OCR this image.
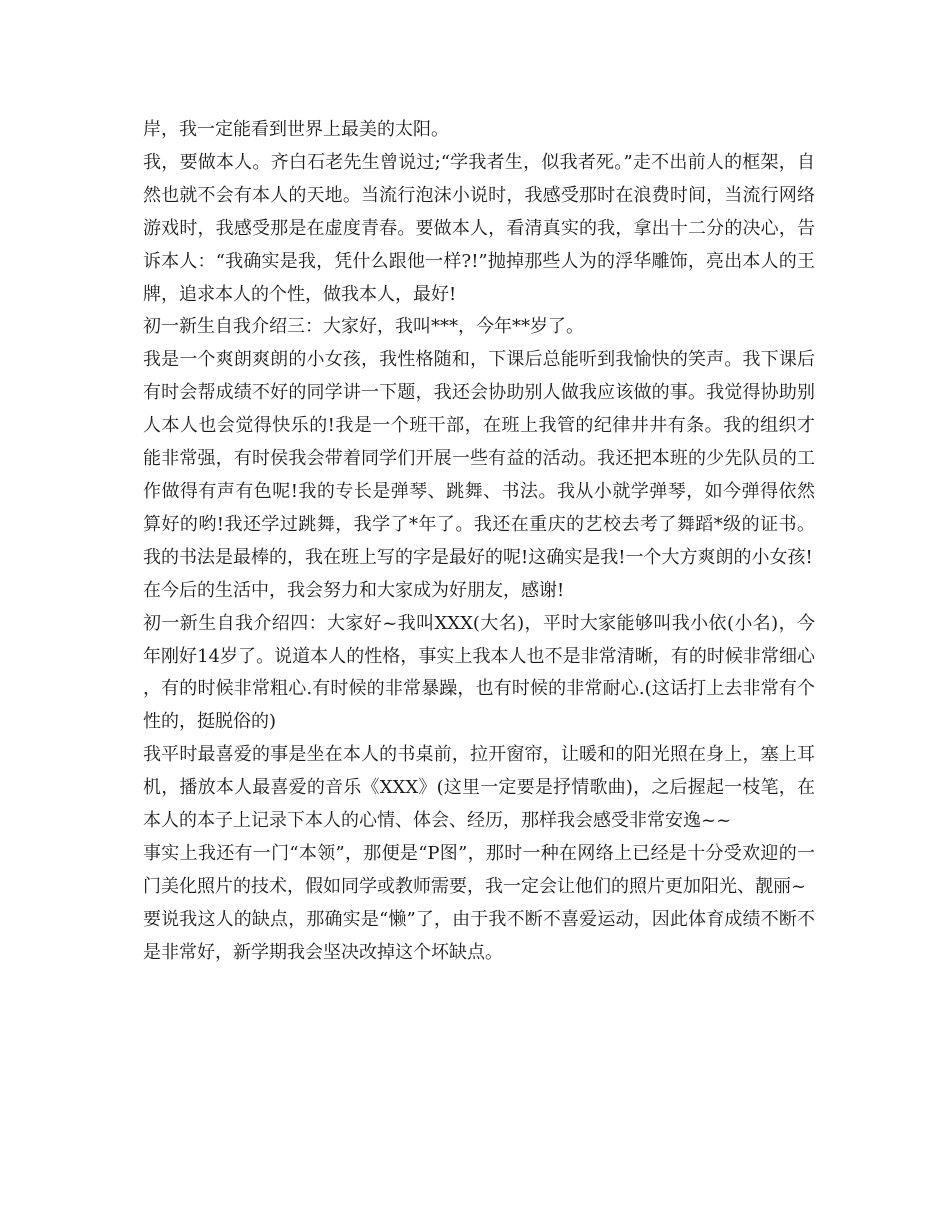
岸，我一定能看到世界上最美的太阳。

我，要做本人。齐白石老先生曾说过;“学我者生，似我者死。”走不出前人的框架，自然也就不会有本人的天地。当流行泡沫小说时，我感受那时在浪费时间，当流行网络游戏时，我感受那是在虚度青春。要做本人，看清真实的我，拿出十二分的决心，告诉本人：“我确实是我，凭什么跟他一样?!”抛掉那些人为的浮华雕饰，亮出本人的王牌，追求本人的个性，做我本人，最好!

初一新生自我介绍三：大家好，我叫***，今年**岁了。

我是一个爽朗爽朗的小女孩，我性格随和，下课后总能听到我愉快的笑声。我下课后有时会帮成绩不好的同学讲一下题，我还会协助别人做我应该做的事。我觉得协助别人本人也会觉得快乐的!我是一个班干部，在班上我管的纪律井井有条。我的组织才能非常强，有时侯我会带着同学们开展一些有益的活动。我还把本班的少先队员的工作做得有声有色呢!我的专长是弹琴、跳舞、书法。我从小就学弹琴，如今弹得依然算好的哟!我还学过跳舞，我学了*年了。我还在重庆的艺校去考了舞蹈*级的证书。我的书法是最棒的，我在班上写的字是最好的呢!这确实是我!一个大方爽朗的小女孩!

在今后的生活中，我会努力和大家成为好朋友，感谢!

初一新生自我介绍四：大家好~我叫XXX(大名)，平时大家能够叫我小依(小名)，今年刚好14岁了。说道本人的性格，事实上我本人也不是非常清晰，有的时候非常细心，有的时候非常粗心.有时候的非常暴躁，也有时候的非常耐心.(这话打上去非常有个性的，挺脱俗的)

我平时最喜爱的事是坐在本人的书桌前，拉开窗帘，让暖和的阳光照在身上，塞上耳机，播放本人最喜爱的音乐《XXX》(这里一定要是抒情歌曲)，之后握起一枝笔，在本人的本子上记录下本人的心情、体会、经历，那样我会感受非常安逸~~

事实上我还有一门“本领”，那便是“P图”，那时一种在网络上已经是十分受欢迎的一门美化照片的技术，假如同学或教师需要，我一定会让他们的照片更加阳光、靓丽~

要说我这人的缺点，那确实是“懒”了，由于我不断不喜爱运动，因此体育成绩不断不是非常好，新学期我会坚决改掉这个坏缺点。
